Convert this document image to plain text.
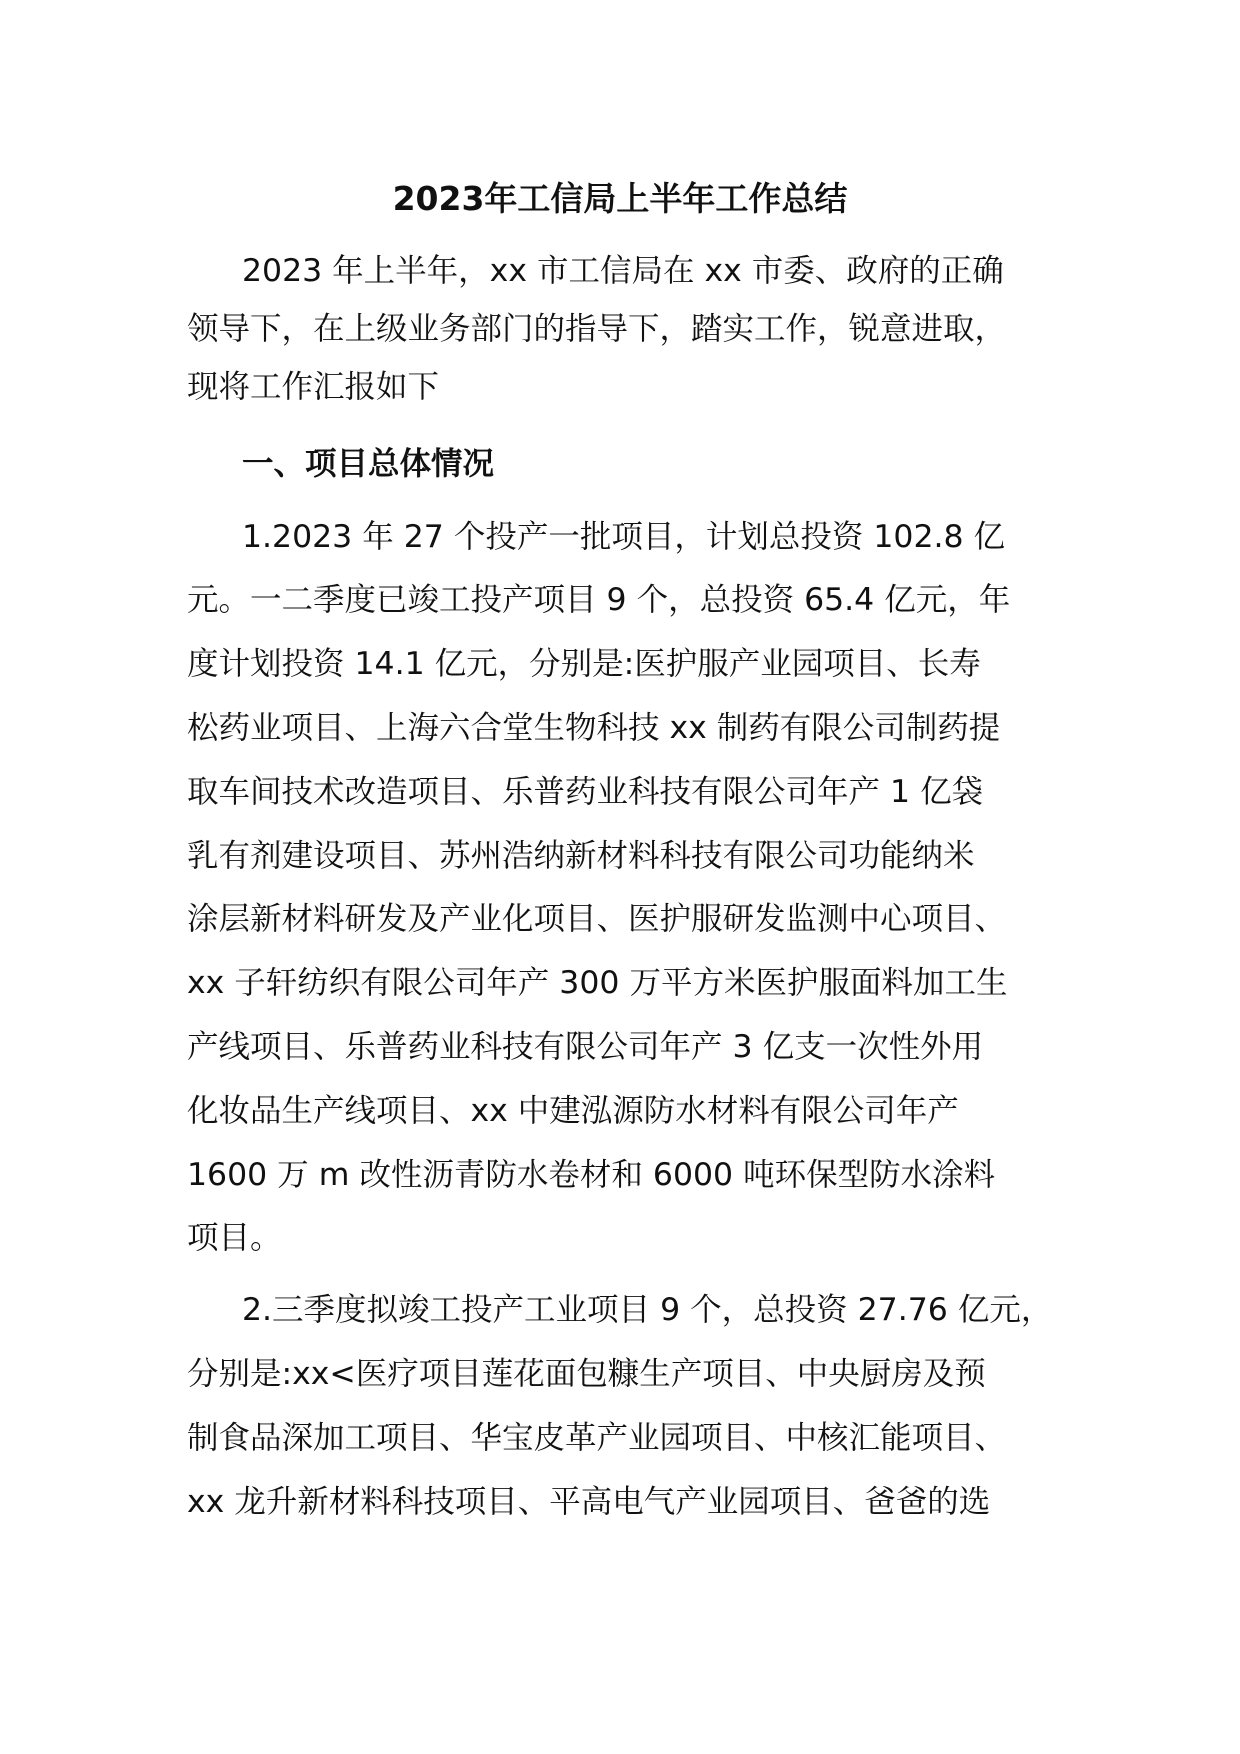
2023年工信局上半年工作总结

2023 年上半年，xx 市工信局在 xx 市委、政府的正确

领导下，在上级业务部门的指导下，踏实工作，锐意进取，

现将工作汇报如下

一、项目总体情况

1.2023 年 27 个投产一批项目，计划总投资 102.8 亿

元。一二季度已竣工投产项目 9 个，总投资 65.4 亿元，年

度计划投资 14.1 亿元，分别是:医护服产业园项目、长寿

松药业项目、上海六合堂生物科技 xx 制药有限公司制药提

取车间技术改造项目、乐普药业科技有限公司年产 1 亿袋

乳有剂建设项目、苏州浩纳新材料科技有限公司功能纳米

涂层新材料研发及产业化项目、医护服研发监测中心项目、

xx 子轩纺织有限公司年产 300 万平方米医护服面料加工生

产线项目、乐普药业科技有限公司年产 3 亿支一次性外用

化妆品生产线项目、xx 中建泓源防水材料有限公司年产

1600 万 m 改性沥青防水卷材和 6000 吨环保型防水涂料

项目。

2.三季度拟竣工投产工业项目 9 个，总投资 27.76 亿元，

分别是:xx<医疗项目莲花面包糠生产项目、中央厨房及预

制食品深加工项目、华宝皮革产业园项目、中核汇能项目、

xx 龙升新材料科技项目、平高电气产业园项目、爸爸的选
